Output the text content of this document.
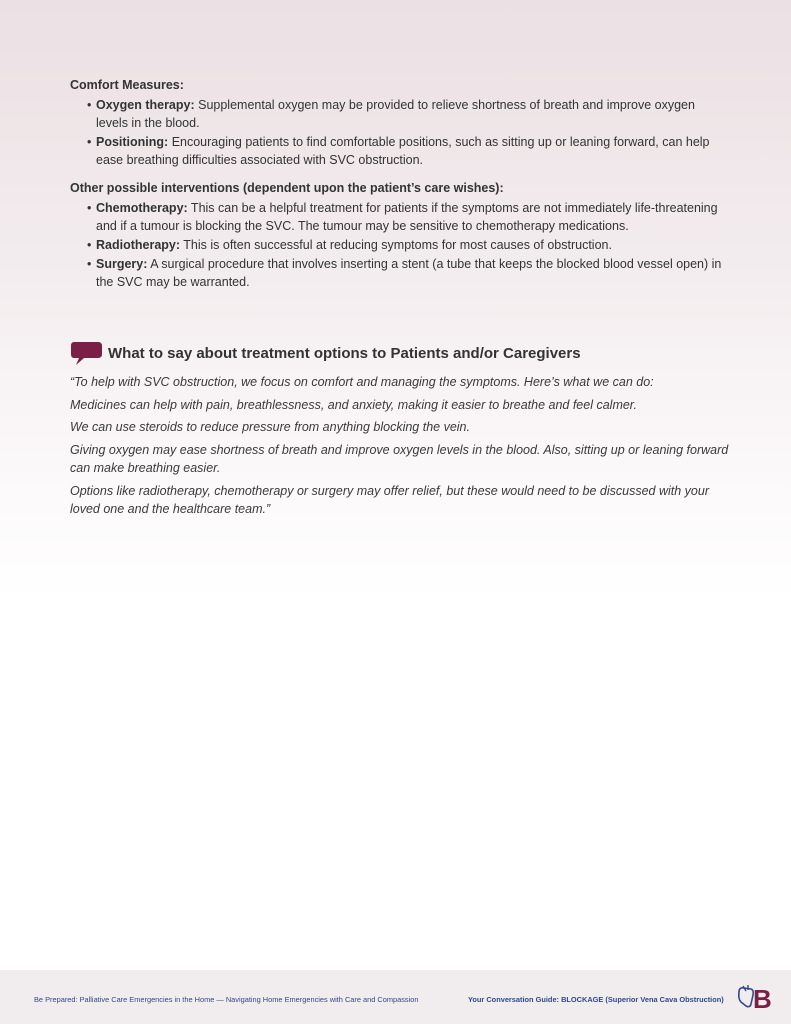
Comfort Measures:

• Oxygen therapy: Supplemental oxygen may be provided to relieve shortness of breath and improve oxygen levels in the blood.
• Positioning: Encouraging patients to find comfortable positions, such as sitting up or leaning forward, can help ease breathing difficulties associated with SVC obstruction.

Other possible interventions (dependent upon the patient’s care wishes):

• Chemotherapy: This can be a helpful treatment for patients if the symptoms are not immediately life-threatening and if a tumour is blocking the SVC. The tumour may be sensitive to chemotherapy medications.
• Radiotherapy: This is often successful at reducing symptoms for most causes of obstruction.
• Surgery: A surgical procedure that involves inserting a stent (a tube that keeps the blocked blood vessel open) in the SVC may be warranted.
What to say about treatment options to Patients and/or Caregivers

“To help with SVC obstruction, we focus on comfort and managing the symptoms. Here’s what we can do:

Medicines can help with pain, breathlessness, and anxiety, making it easier to breathe and feel calmer.

We can use steroids to reduce pressure from anything blocking the vein.

Giving oxygen may ease shortness of breath and improve oxygen levels in the blood. Also, sitting up or leaning forward can make breathing easier.

Options like radiotherapy, chemotherapy or surgery may offer relief, but these would need to be discussed with your loved one and the healthcare team.”

Be Prepared: Palliative Care Emergencies in the Home — Navigating Home Emergencies with Care and Compassion	Your Conversation Guide: BLOCKAGE (Superior Vena Cava Obstruction) B
